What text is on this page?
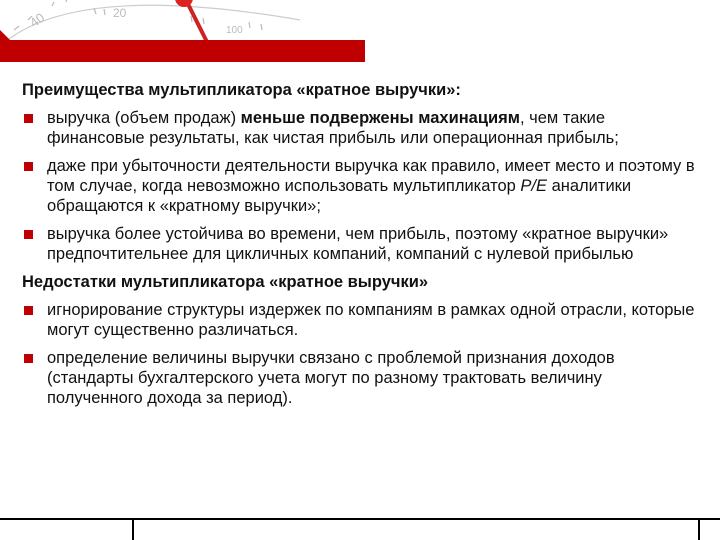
40	20
100
Преимущества мультипликатора «кратное выручки»:
выручка (объем продаж) меньше подвержены махинациям, чем такие финансовые результаты, как чистая прибыль или операционная прибыль;
даже при убыточности деятельности выручка как правило, имеет место и поэтому в том случае, когда невозможно использовать мультипликатор P/E аналитики обращаются к «кратному выручки»;
выручка более устойчива во времени, чем прибыль, поэтому «кратное выручки» предпочтительнее для цикличных компаний, компаний с нулевой прибылью
Недостатки мультипликатора «кратное выручки»
игнорирование структуры издержек по компаниям в рамках одной отрасли, которые могут существенно различаться.
определение величины выручки связано с проблемой признания доходов (стандарты бухгалтерского учета могут по разному трактовать величину полученного дохода за период).
